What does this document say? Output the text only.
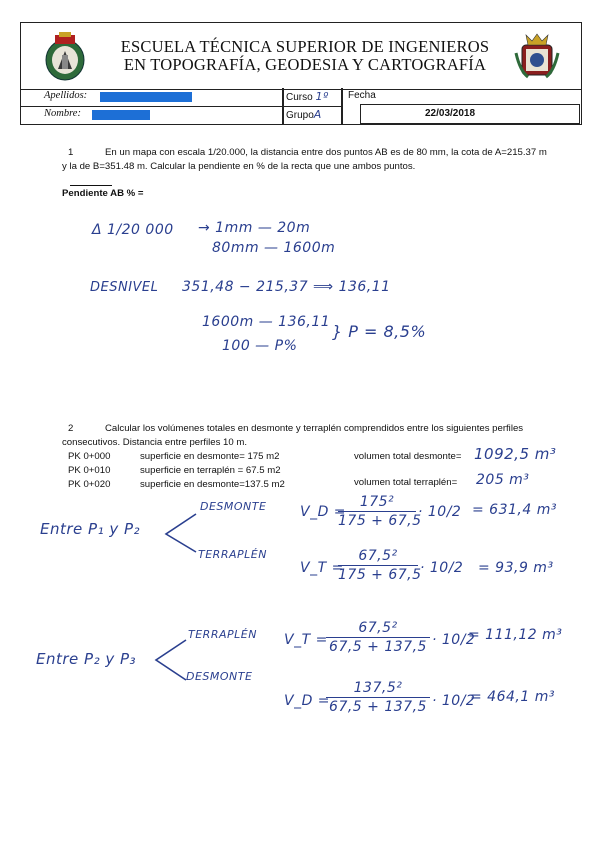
ESCUELA TÉCNICA SUPERIOR DE INGENIEROS
EN TOPOGRAFÍA, GEODESIA Y CARTOGRAFÍA
Apellidos:
Nombre:
Curso 1º
GrupoA
Fecha
22/03/2018
1	En un mapa con escala 1/20.000, la distancia entre dos puntos AB es de 80 mm, la cota de A=215.37 m
y la de B=351.48 m. Calcular la pendiente en % de la recta que une ambos puntos.
Pendiente AB % =
Δ 1/20 000 → 1mm — 20m
80mm — 1600m
DESNIVEL 351,48 − 215,37 ⟹ 136,11
1600m — 136,11
100 — P%
} P = 8,5%
2	Calcular los volúmenes totales en desmonte y terraplén comprendidos entre los siguientes perfiles
consecutivos. Distancia entre perfiles 10 m.
PK 0+000	superficie en desmonte= 175 m2
PK 0+010	superficie en terraplén = 67.5 m2
PK 0+020	superficie en desmonte=137.5 m2
volumen total desmonte= 1092,5 m³
volumen total terraplén= 205 m³
Entre P₁ y P₂
DESMONTE
TERRAPLÉN
V_D =
175²
175 + 67,5
· 10/2 = 631,4 m³
V_T =
67,5²
175 + 67,5
· 10/2 = 93,9 m³
Entre P₂ y P₃
TERRAPLÉN
DESMONTE
V_T =
67,5²
67,5 + 137,5 · 10/2
= 111,12 m³
V_D =
137,5²
67,5 + 137,5 · 10/2
= 464,1 m³
